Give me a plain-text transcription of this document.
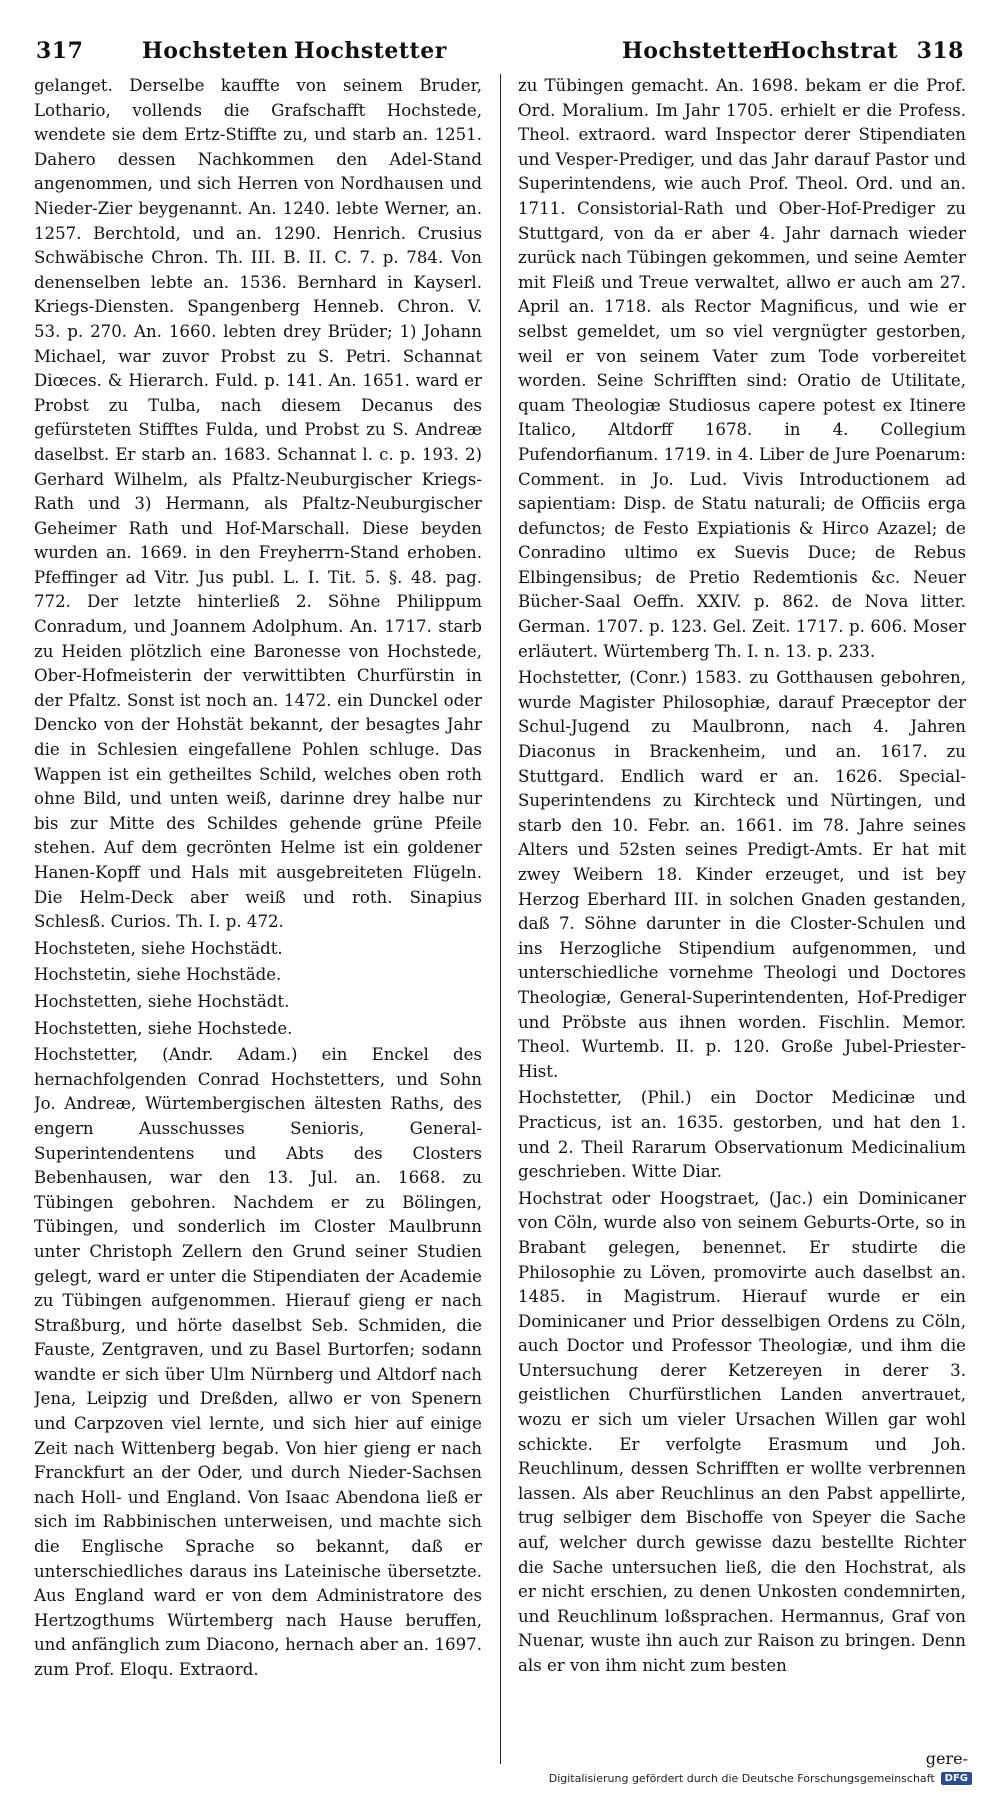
317	Hochsteten Hochstetter	Hochstetter
Hochstrat 318

gelanget. Derselbe kauffte von seinem Bruder, Lothario, vollends die Grafschafft Hochstede, wendete sie dem Ertz-Stiffte zu, und starb an. 1251. Dahero dessen Nachkommen den Adel-Stand angenommen, und sich Herren von Nordhausen und Nieder-Zier beygenannt. An. 1240. lebte Werner, an. 1257. Berchtold, und an. 1290. Henrich. Crusius Schwäbische Chron. Th. III. B. II. C. 7. p. 784. Von denenselben lebte an. 1536. Bernhard in Kayserl. Kriegs-Diensten. Spangenberg Henneb. Chron. V. 53. p. 270. An. 1660. lebten drey Brüder; 1) Johann Michael, war zuvor Probst zu S. Petri. Schannat Diœces. & Hierarch. Fuld. p. 141. An. 1651. ward er Probst zu Tulba, nach diesem Decanus des gefürsteten Stifftes Fulda, und Probst zu S. Andreæ daselbst. Er starb an. 1683. Schannat l. c. p. 193. 2) Gerhard Wilhelm, als Pfaltz-Neuburgischer Kriegs-Rath und 3) Hermann, als Pfaltz-Neuburgischer Geheimer Rath und Hof-Marschall. Diese beyden wurden an. 1669. in den Freyherrn-Stand erhoben. Pfeffinger ad Vitr. Jus publ. L. I. Tit. 5. §. 48. pag. 772. Der letzte hinterließ 2. Söhne Philippum Conradum, und Joannem Adolphum. An. 1717. starb zu Heiden plötzlich eine Baronesse von Hochstede, Ober-Hofmeisterin der verwittibten Churfürstin in der Pfaltz. Sonst ist noch an. 1472. ein Dunckel oder Dencko von der Hohstät bekannt, der besagtes Jahr die in Schlesien eingefallene Pohlen schluge. Das Wappen ist ein getheiltes Schild, welches oben roth ohne Bild, und unten weiß, darinne drey halbe nur bis zur Mitte des Schildes gehende grüne Pfeile stehen. Auf dem gecrönten Helme ist ein goldener Hanen-Kopff und Hals mit ausgebreiteten Flügeln. Die Helm-Deck aber weiß und roth. Sinapius Schlesß. Curios. Th. I. p. 472.

Hochsteten, siehe Hochstädt.

Hochstetin, siehe Hochstäde.

Hochstetten, siehe Hochstädt.

Hochstetten, siehe Hochstede.

Hochstetter, (Andr. Adam.) ein Enckel des hernachfolgenden Conrad Hochstetters, und Sohn Jo. Andreæ, Würtembergischen ältesten Raths, des engern Ausschusses Senioris, General-Superintendentens und Abts des Closters Bebenhausen, war den 13. Jul. an. 1668. zu Tübingen gebohren. Nachdem er zu Bölingen, Tübingen, und sonderlich im Closter Maulbrunn unter Christoph Zellern den Grund seiner Studien gelegt, ward er unter die Stipendiaten der Academie zu Tübingen aufgenommen. Hierauf gieng er nach Straßburg, und hörte daselbst Seb. Schmiden, die Fauste, Zentgraven, und zu Basel Burtorfen; sodann wandte er sich über Ulm Nürnberg und Altdorf nach Jena, Leipzig und Dreßden, allwo er von Spenern und Carpzoven viel lernte, und sich hier auf einige Zeit nach Wittenberg begab. Von hier gieng er nach Franckfurt an der Oder, und durch Nieder-Sachsen nach Holl- und England. Von Isaac Abendona ließ er sich im Rabbinischen unterweisen, und machte sich die Englische Sprache so bekannt, daß er unterschiedliches daraus ins Lateinische übersetzte. Aus England ward er von dem Administratore des Hertzogthums Würtemberg nach Hause beruffen, und anfänglich zum Diacono, hernach aber an. 1697. zum Prof. Eloqu. Extraord.

zu Tübingen gemacht. An. 1698. bekam er die Prof. Ord. Moralium. Im Jahr 1705. erhielt er die Profess. Theol. extraord. ward Inspector derer Stipendiaten und Vesper-Prediger, und das Jahr darauf Pastor und Superintendens, wie auch Prof. Theol. Ord. und an. 1711. Consistorial-Rath und Ober-Hof-Prediger zu Stuttgard, von da er aber 4. Jahr darnach wieder zurück nach Tübingen gekommen, und seine Aemter mit Fleiß und Treue verwaltet, allwo er auch am 27. April an. 1718. als Rector Magnificus, und wie er selbst gemeldet, um so viel vergnügter gestorben, weil er von seinem Vater zum Tode vorbereitet worden. Seine Schrifften sind: Oratio de Utilitate, quam Theologiæ Studiosus capere potest ex Itinere Italico, Altdorff 1678. in 4. Collegium Pufendorfianum. 1719. in 4. Liber de Jure Poenarum: Comment. in Jo. Lud. Vivis Introductionem ad sapientiam: Disp. de Statu naturali; de Officiis erga defunctos; de Festo Expiationis & Hirco Azazel; de Conradino ultimo ex Suevis Duce; de Rebus Elbingensibus; de Pretio Redemtionis &c. Neuer Bücher-Saal Oeffn. XXIV. p. 862. de Nova litter. German. 1707. p. 123. Gel. Zeit. 1717. p. 606. Moser erläutert. Würtemberg Th. I. n. 13. p. 233.

Hochstetter, (Conr.) 1583. zu Gotthausen gebohren, wurde Magister Philosophiæ, darauf Præceptor der Schul-Jugend zu Maulbronn, nach 4. Jahren Diaconus in Brackenheim, und an. 1617. zu Stuttgard. Endlich ward er an. 1626. Special-Superintendens zu Kirchteck und Nürtingen, und starb den 10. Febr. an. 1661. im 78. Jahre seines Alters und 52sten seines Predigt-Amts. Er hat mit zwey Weibern 18. Kinder erzeuget, und ist bey Herzog Eberhard III. in solchen Gnaden gestanden, daß 7. Söhne darunter in die Closter-Schulen und ins Herzogliche Stipendium aufgenommen, und unterschiedliche vornehme Theologi und Doctores Theologiæ, General-Superintendenten, Hof-Prediger und Pröbste aus ihnen worden. Fischlin. Memor. Theol. Wurtemb. II. p. 120. Große Jubel-Priester-Hist.

Hochstetter, (Phil.) ein Doctor Medicinæ und Practicus, ist an. 1635. gestorben, und hat den 1. und 2. Theil Rararum Observationum Medicinalium geschrieben. Witte Diar.

Hochstrat oder Hoogstraet, (Jac.) ein Dominicaner von Cöln, wurde also von seinem Geburts-Orte, so in Brabant gelegen, benennet. Er studirte die Philosophie zu Löven, promovirte auch daselbst an. 1485. in Magistrum. Hierauf wurde er ein Dominicaner und Prior desselbigen Ordens zu Cöln, auch Doctor und Professor Theologiæ, und ihm die Untersuchung derer Ketzereyen in derer 3. geistlichen Churfürstlichen Landen anvertrauet, wozu er sich um vieler Ursachen Willen gar wohl schickte. Er verfolgte Erasmum und Joh. Reuchlinum, dessen Schrifften er wollte verbrennen lassen. Als aber Reuchlinus an den Pabst appellirte, trug selbiger dem Bischoffe von Speyer die Sache auf, welcher durch gewisse dazu bestellte Richter die Sache untersuchen ließ, die den Hochstrat, als er nicht erschien, zu denen Unkosten condemnirten, und Reuchlinum loßsprachen. Hermannus, Graf von Nuenar, wuste ihn auch zur Raison zu bringen. Denn als er von ihm nicht zum besten

gere-
Digitalisierung gefördert durch die Deutsche Forschungsgemeinschaft	DFG
